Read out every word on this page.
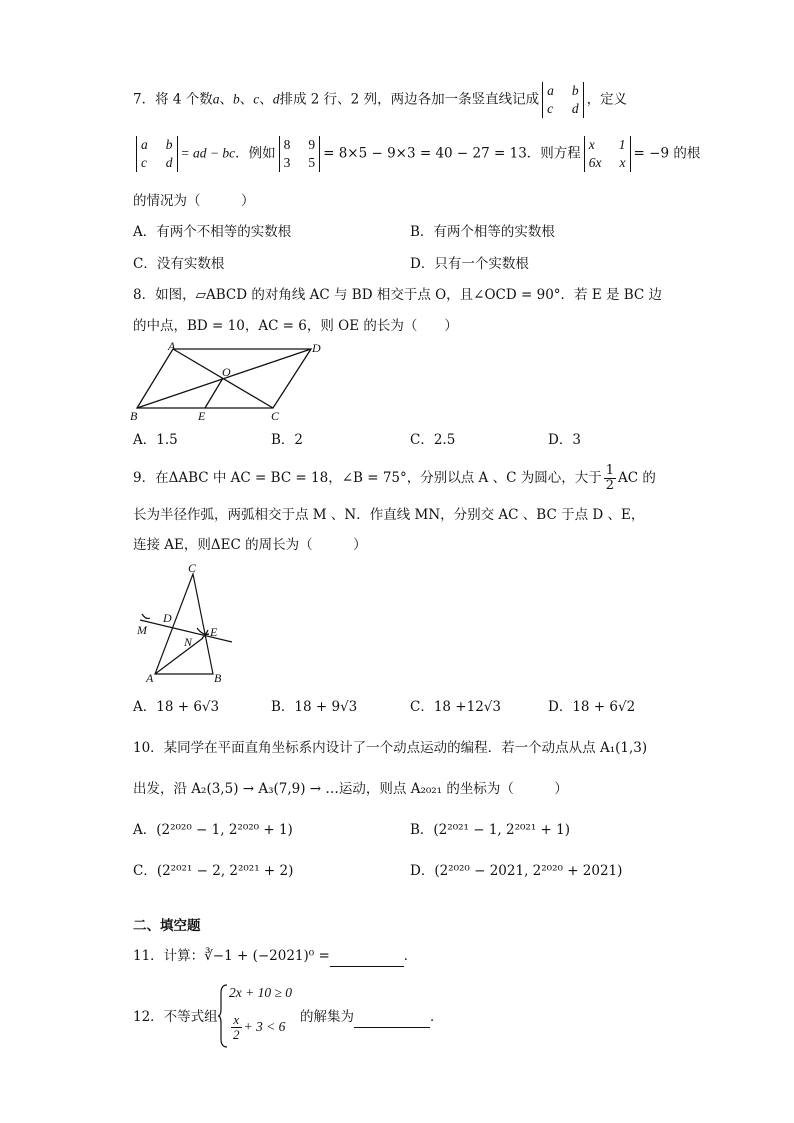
7．将 4 个数a、b、c、d排成 2 行、2 列，两边各加一条竖直线记成
a b
c d
，定义
a b
c d
= ad − bc．例如
8 9
3 5
= 8×5 − 9×3 = 40 − 27 = 13．则方程
x 1
6x x
= −9 的根
的情况为（　　　）
A．有两个不相等的实数根	B．有两个相等的实数根
C．没有实数根	D．只有一个实数根
8．如图，▱ABCD 的对角线 AC 与 BD 相交于点 O，且∠OCD = 90°．若 E 是 BC 边
的中点，BD = 10，AC = 6，则 OE 的长为（　　）
A	D
O
B	E	C
A．1.5	B．2	C．2.5	D．3
9．在ΔABC 中 AC = BC = 18，∠B = 75°，分别以点 A 、C 为圆心，大于 $\frac{1}{2}$ AC 的
长为半径作弧，两弧相交于点 M 、N．作直线 MN，分别交 AC 、BC 于点 D 、E，
连接 AE，则ΔEC 的周长为（　　　）
C
D
M
N
E
A	B
A．18 + 6√3	B．18 + 9√3	C．18 +12√3	D．18 + 6√2
10．某同学在平面直角坐标系内设计了一个动点运动的编程．若一个动点从点 A₁(1,3)
出发，沿 A₂(3,5) → A₃(7,9) → …运动，则点 A₂₀₂₁ 的坐标为（　　　）
A．(2²⁰²⁰ − 1, 2²⁰²⁰ + 1)	B．(2²⁰²¹ − 1, 2²⁰²¹ + 1)
C．(2²⁰²¹ − 2, 2²⁰²¹ + 2)	D．(2²⁰²⁰ − 2021, 2²⁰²⁰ + 2021)
二、填空题
11．计算：∛−1 + (−2021)⁰ =	．
12．不等式组
2x + 10 ≥ 0
$\frac{x}{2} + 3 < 6$
的解集为	．
